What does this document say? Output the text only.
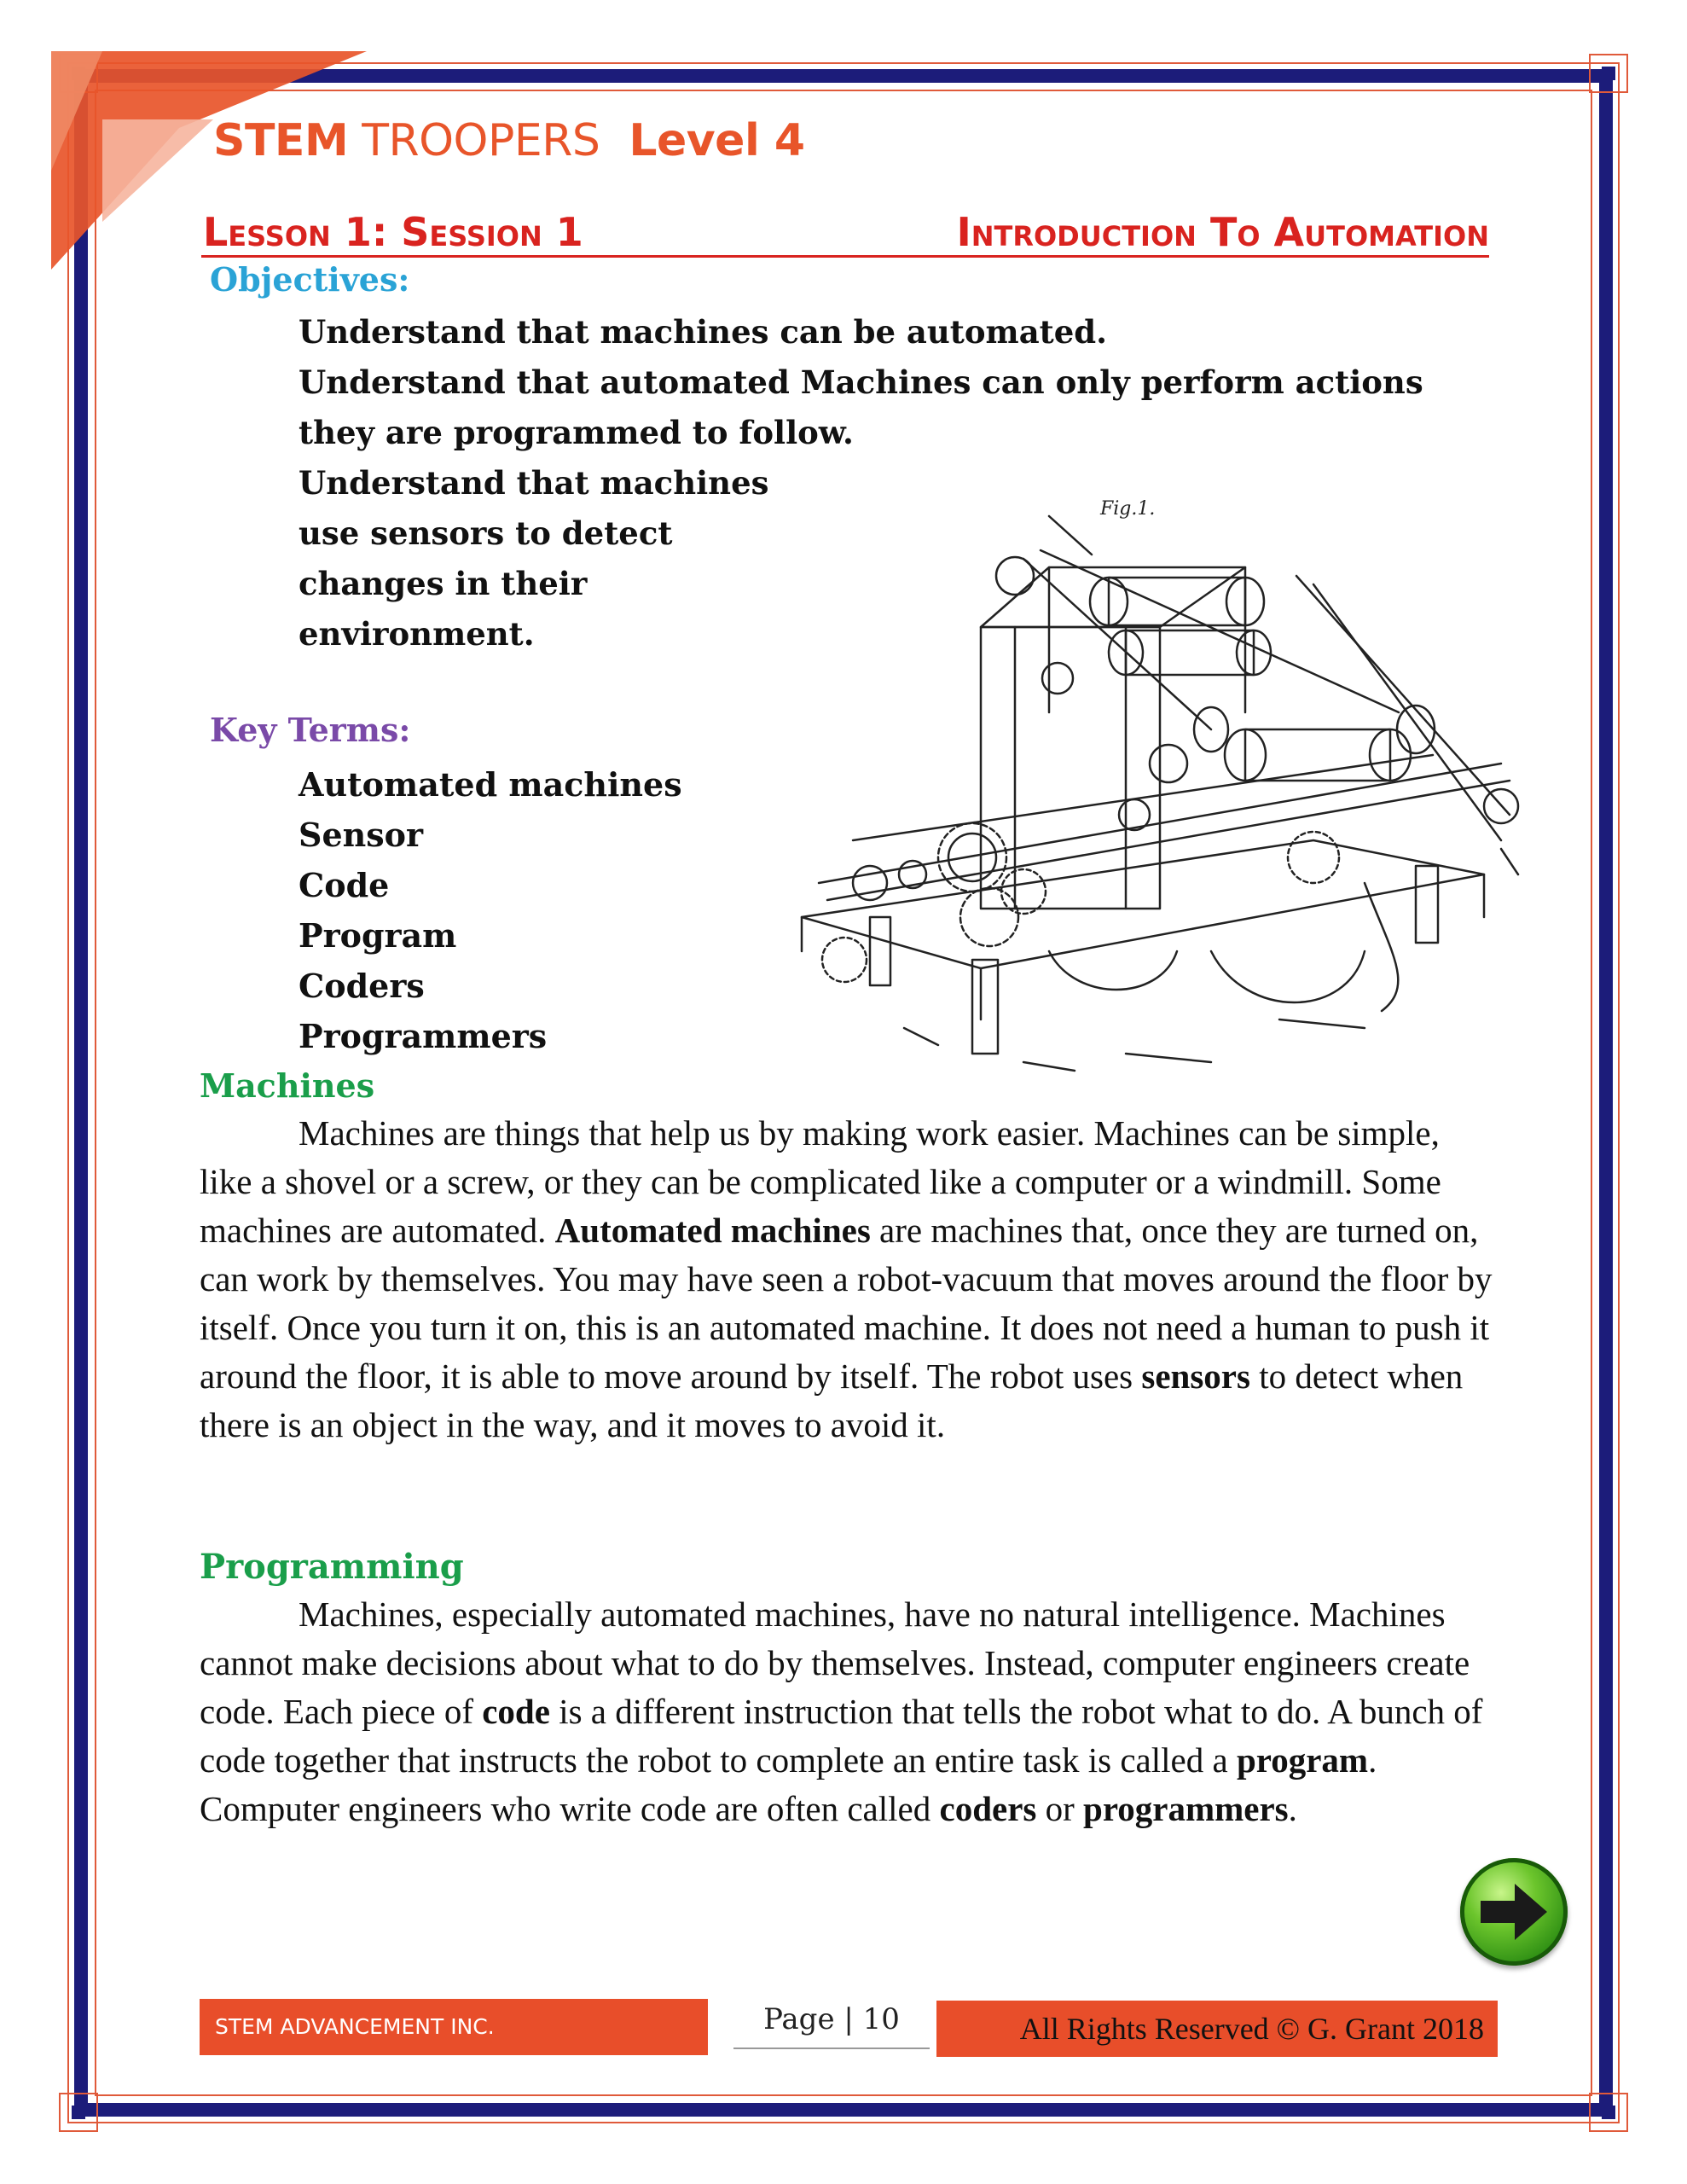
STEM TROOPERS Level 4
Lesson 1: Session 1	Introduction To Automation
Objectives:
Understand that machines can be automated.
Understand that automated Machines can only perform actions they are programmed to follow.
Understand that machines use sensors to detect changes in their environment.
Key Terms:
Automated machines
Sensor
Code
Program
Coders
Programmers
Fig.1.
Machines

Machines are things that help us by making work easier. Machines can be simple, like a shovel or a screw, or they can be complicated like a computer or a windmill. Some machines are automated. Automated machines are machines that, once they are turned on, can work by themselves. You may have seen a robot-vacuum that moves around the floor by itself. Once you turn it on, this is an automated machine. It does not need a human to push it around the floor, it is able to move around by itself. The robot uses sensors to detect when there is an object in the way, and it moves to avoid it.

Programming

Machines, especially automated machines, have no natural intelligence. Machines cannot make decisions about what to do by themselves. Instead, computer engineers create code. Each piece of code is a different instruction that tells the robot what to do. A bunch of code together that instructs the robot to complete an entire task is called a program. Computer engineers who write code are often called coders or programmers.

STEM ADVANCEMENT INC.	Page | 10	All Rights Reserved © G. Grant 2018
